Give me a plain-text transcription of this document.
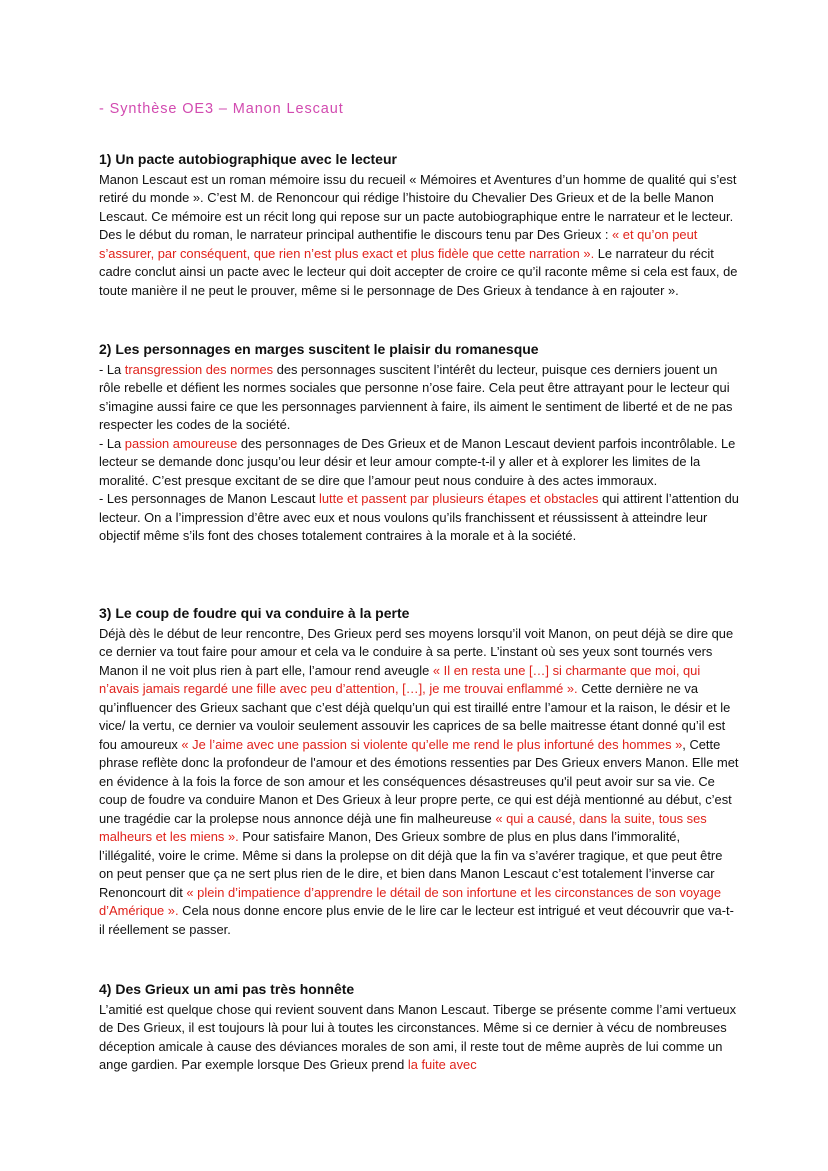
- Synthèse OE3 – Manon Lescaut
1) Un pacte autobiographique avec le lecteur

Manon Lescaut est un roman mémoire issu du recueil « Mémoires et Aventures d’un homme de qualité qui s’est retiré du monde ». C’est M. de Renoncour qui rédige l’histoire du Chevalier Des Grieux et de la belle Manon Lescaut. Ce mémoire est un récit long qui repose sur un pacte autobiographique entre le narrateur et le lecteur. Des le début du roman, le narrateur principal authentifie le discours tenu par Des Grieux : « et qu’on peut s’assurer, par conséquent, que rien n’est plus exact et plus fidèle que cette narration ». Le narrateur du récit cadre conclut ainsi un pacte avec le lecteur qui doit accepter de croire ce qu’il raconte même si cela est faux, de toute manière il ne peut le prouver, même si le personnage de Des Grieux à tendance à en rajouter ».

2) Les personnages en marges suscitent le plaisir du romanesque

- La transgression des normes des personnages suscitent l’intérêt du lecteur, puisque ces derniers jouent un rôle rebelle et défient les normes sociales que personne n’ose faire. Cela peut être attrayant pour le lecteur qui s’imagine aussi faire ce que les personnages parviennent à faire, ils aiment le sentiment de liberté et de ne pas respecter les codes de la société.

- La passion amoureuse des personnages de Des Grieux et de Manon Lescaut devient parfois incontrôlable. Le lecteur se demande donc jusqu’ou leur désir et leur amour compte-t-il y aller et à explorer les limites de la moralité. C’est presque excitant de se dire que l’amour peut nous conduire à des actes immoraux.

- Les personnages de Manon Lescaut lutte et passent par plusieurs étapes et obstacles qui attirent l’attention du lecteur. On a l’impression d’être avec eux et nous voulons qu’ils franchissent et réussissent à atteindre leur objectif même s’ils font des choses totalement contraires à la morale et à la société.

3) Le coup de foudre qui va conduire à la perte

Déjà dès le début de leur rencontre, Des Grieux perd ses moyens lorsqu’il voit Manon, on peut déjà se dire que ce dernier va tout faire pour amour et cela va le conduire à sa perte. L’instant où ses yeux sont tournés vers Manon il ne voit plus rien à part elle, l’amour rend aveugle « Il en resta une […] si charmante que moi, qui n’avais jamais regardé une fille avec peu d’attention, […], je me trouvai enflammé ». Cette dernière ne va qu’influencer des Grieux sachant que c’est déjà quelqu’un qui est tiraillé entre l’amour et la raison, le désir et le vice/ la vertu, ce dernier va vouloir seulement assouvir les caprices de sa belle maitresse étant donné qu’il est fou amoureux « Je l’aime avec une passion si violente qu’elle me rend le plus infortuné des hommes », Cette phrase reflète donc la profondeur de l'amour et des émotions ressenties par Des Grieux envers Manon. Elle met en évidence à la fois la force de son amour et les conséquences désastreuses qu'il peut avoir sur sa vie. Ce coup de foudre va conduire Manon et Des Grieux à leur propre perte, ce qui est déjà mentionné au début, c’est une tragédie car la prolepse nous annonce déjà une fin malheureuse « qui a causé, dans la suite, tous ses malheurs et les miens ». Pour satisfaire Manon, Des Grieux sombre de plus en plus dans l’immoralité, l’illégalité, voire le crime. Même si dans la prolepse on dit déjà que la fin va s’avérer tragique, et que peut être on peut penser que ça ne sert plus rien de le dire, et bien dans Manon Lescaut c’est totalement l’inverse car Renoncourt dit « plein d’impatience d’apprendre le détail de son infortune et les circonstances de son voyage d’Amérique ». Cela nous donne encore plus envie de le lire car le lecteur est intrigué et veut découvrir que va-t-il réellement se passer.

4) Des Grieux un ami pas très honnête

L’amitié est quelque chose qui revient souvent dans Manon Lescaut. Tiberge se présente comme l’ami vertueux de Des Grieux, il est toujours là pour lui à toutes les circonstances. Même si ce dernier à vécu de nombreuses déception amicale à cause des déviances morales de son ami, il reste tout de même auprès de lui comme un ange gardien. Par exemple lorsque Des Grieux prend la fuite avec
